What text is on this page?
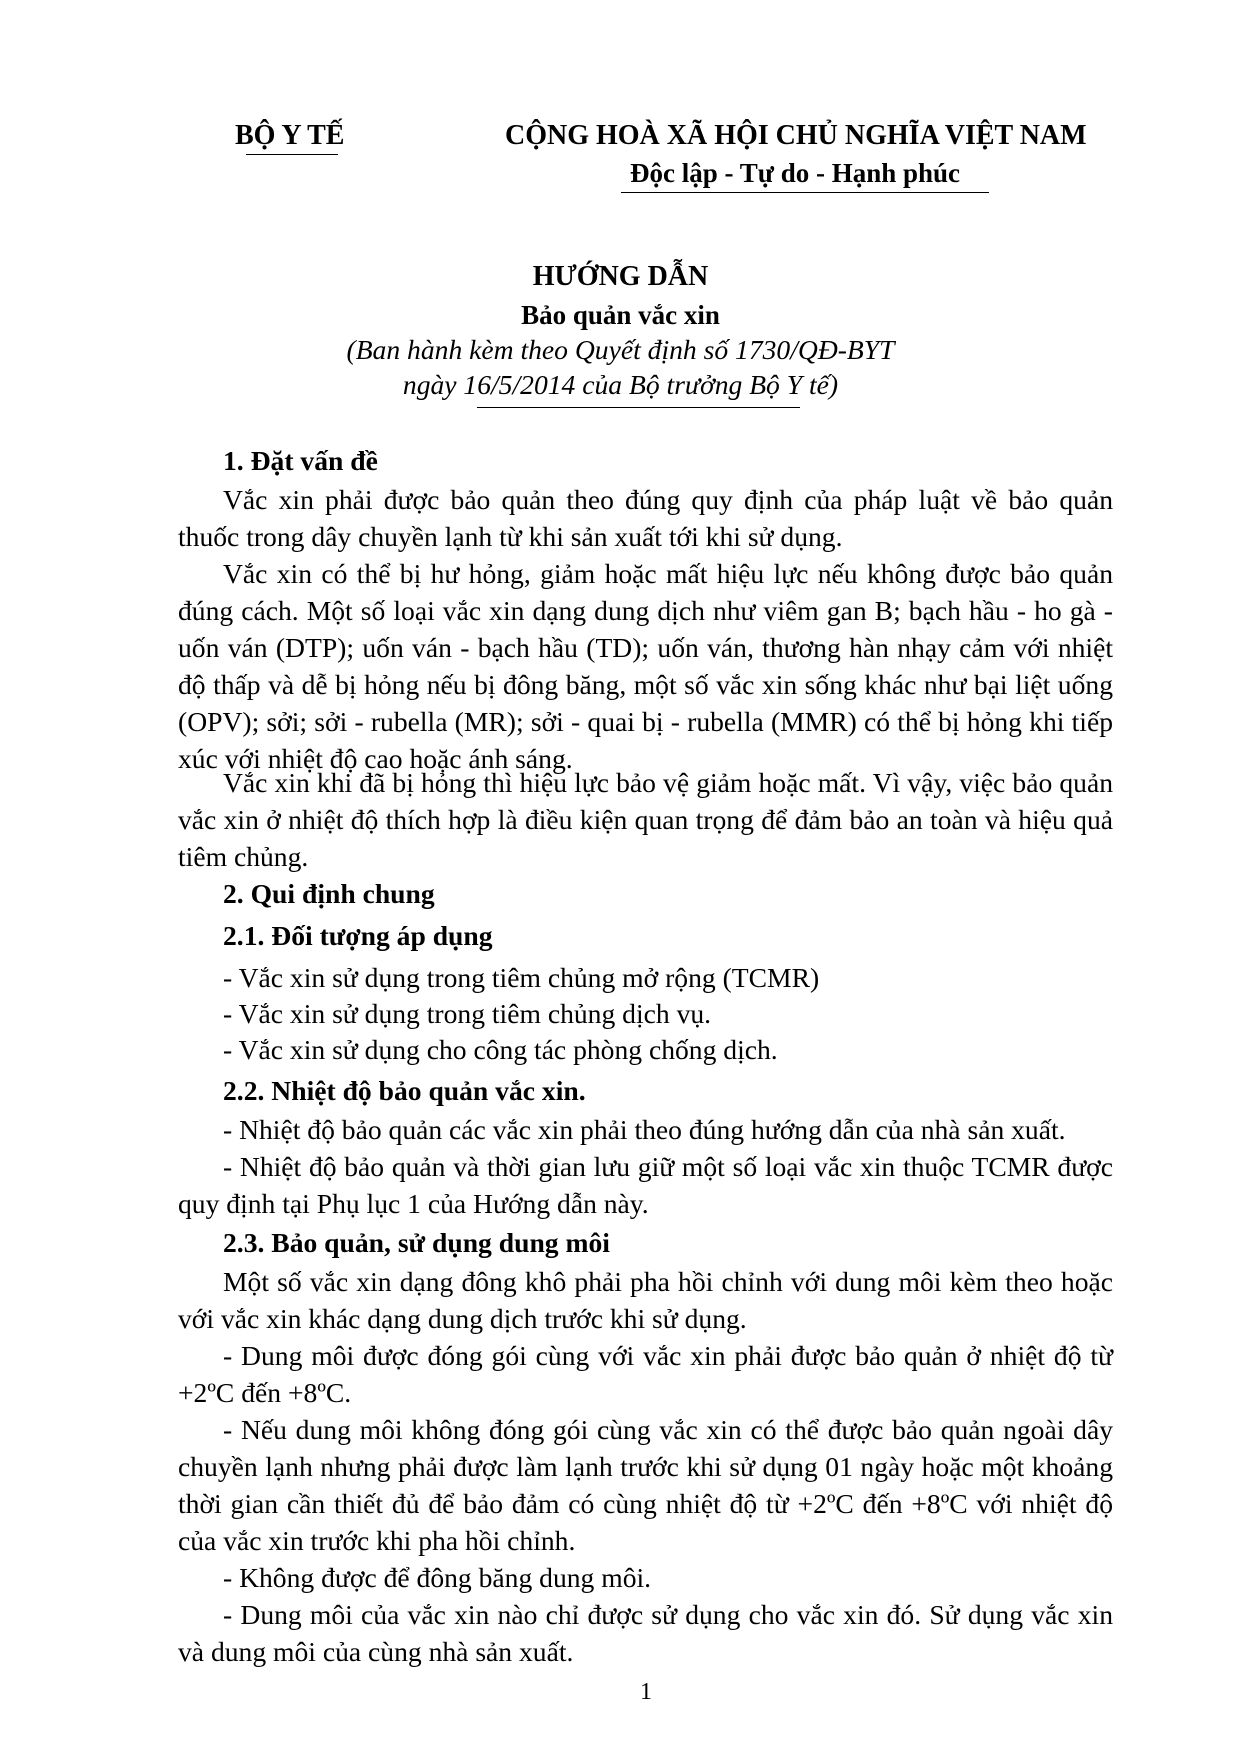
BỘ Y TẾ	CỘNG HOÀ XÃ HỘI CHỦ NGHĨA VIỆT NAM
Độc lập - Tự do - Hạnh phúc
HƯỚNG DẪN
Bảo quản vắc xin
(Ban hành kèm theo Quyết định số 1730/QĐ-BYT
ngày 16/5/2014 của Bộ trưởng Bộ Y tế)
1. Đặt vấn đề
Vắc xin phải được bảo quản theo đúng quy định của pháp luật về bảo quản thuốc trong dây chuyền lạnh từ khi sản xuất tới khi sử dụng.
Vắc xin có thể bị hư hỏng, giảm hoặc mất hiệu lực nếu không được bảo quản đúng cách. Một số loại vắc xin dạng dung dịch như viêm gan B; bạch hầu - ho gà - uốn ván (DTP); uốn ván - bạch hầu (TD); uốn ván, thương hàn nhạy cảm với nhiệt độ thấp và dễ bị hỏng nếu bị đông băng, một số vắc xin sống khác như bại liệt uống (OPV); sởi; sởi - rubella (MR); sởi - quai bị - rubella (MMR) có thể bị hỏng khi tiếp xúc với nhiệt độ cao hoặc ánh sáng.
Vắc xin khi đã bị hỏng thì hiệu lực bảo vệ giảm hoặc mất. Vì vậy, việc bảo quản vắc xin ở nhiệt độ thích hợp là điều kiện quan trọng để đảm bảo an toàn và hiệu quả tiêm chủng.
2. Qui định chung
2.1. Đối tượng áp dụng
- Vắc xin sử dụng trong tiêm chủng mở rộng (TCMR)
- Vắc xin sử dụng trong tiêm chủng dịch vụ.
- Vắc xin sử dụng cho công tác phòng chống dịch.
2.2. Nhiệt độ bảo quản vắc xin.
- Nhiệt độ bảo quản các vắc xin phải theo đúng hướng dẫn của nhà sản xuất.
- Nhiệt độ bảo quản và thời gian lưu giữ một số loại vắc xin thuộc TCMR được quy định tại Phụ lục 1 của Hướng dẫn này.
2.3. Bảo quản, sử dụng dung môi
Một số vắc xin dạng đông khô phải pha hồi chỉnh với dung môi kèm theo hoặc với vắc xin khác dạng dung dịch trước khi sử dụng.
- Dung môi được đóng gói cùng với vắc xin phải được bảo quản ở nhiệt độ từ +2ºC đến +8ºC.
- Nếu dung môi không đóng gói cùng vắc xin có thể được bảo quản ngoài dây chuyền lạnh nhưng phải được làm lạnh trước khi sử dụng 01 ngày hoặc một khoảng thời gian cần thiết đủ để bảo đảm có cùng nhiệt độ từ +2ºC đến +8ºC với nhiệt độ của vắc xin trước khi pha hồi chỉnh.
- Không được để đông băng dung môi.
- Dung môi của vắc xin nào chỉ được sử dụng cho vắc xin đó. Sử dụng vắc xin và dung môi của cùng nhà sản xuất.
1
